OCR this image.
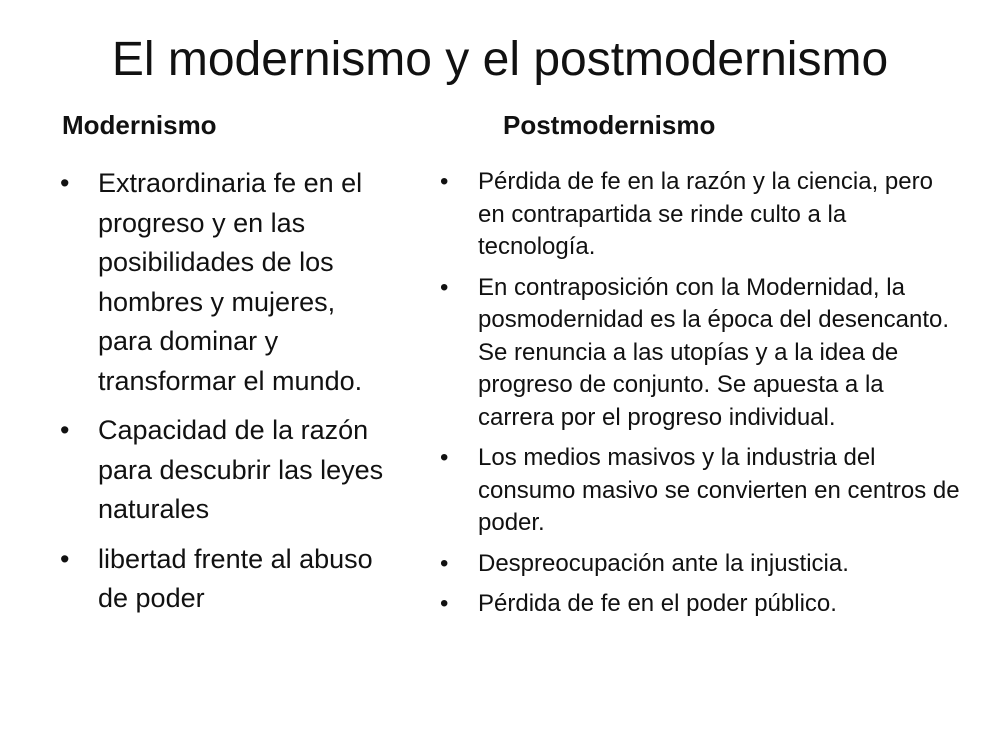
El modernismo y el postmodernismo
Modernismo	Postmodernismo
• Extraordinaria fe en el progreso y en las posibilidades de los hombres y mujeres, para dominar y transformar el mundo.
• Capacidad de la razón para descubrir las leyes naturales
• libertad frente al abuso de poder
• Pérdida de fe en la razón y la ciencia, pero en contrapartida se rinde culto a la tecnología.
• En contraposición con la Modernidad, la posmodernidad es la época del desencanto. Se renuncia a las utopías y a la idea de progreso de conjunto. Se apuesta a la carrera por el progreso individual.
• Los medios masivos y la industria del consumo masivo se convierten en centros de poder.
• Despreocupación ante la injusticia.
• Pérdida de fe en el poder público.
